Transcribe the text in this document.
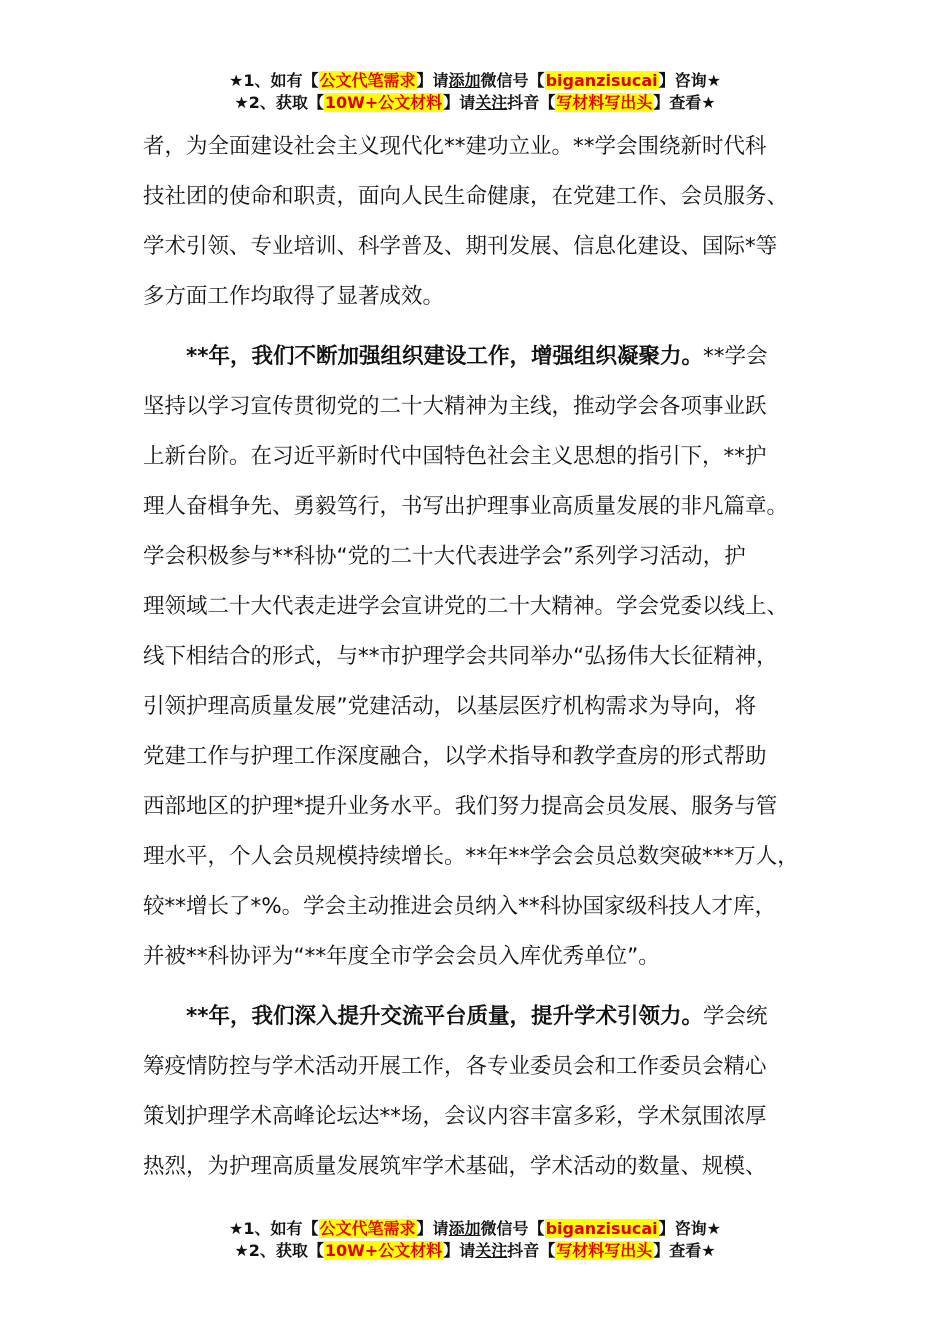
★1、如有【公文代笔需求】请添加微信号【biganzisucai】咨询★
★2、获取【10W+公文材料】请关注抖音【写材料写出头】查看★

者，为全面建设社会主义现代化**建功立业。**学会围绕新时代科
技社团的使命和职责，面向人民生命健康，在党建工作、会员服务、
学术引领、专业培训、科学普及、期刊发展、信息化建设、国际*等
多方面工作均取得了显著成效。

**年，我们不断加强组织建设工作，增强组织凝聚力。**学会
坚持以学习宣传贯彻党的二十大精神为主线，推动学会各项事业跃
上新台阶。在习近平新时代中国特色社会主义思想的指引下，**护
理人奋楫争先、勇毅笃行，书写出护理事业高质量发展的非凡篇章。
学会积极参与**科协“党的二十大代表进学会”系列学习活动，护
理领域二十大代表走进学会宣讲党的二十大精神。学会党委以线上、
线下相结合的形式，与**市护理学会共同举办“弘扬伟大长征精神，
引领护理高质量发展”党建活动，以基层医疗机构需求为导向，将
党建工作与护理工作深度融合，以学术指导和教学查房的形式帮助
西部地区的护理*提升业务水平。我们努力提高会员发展、服务与管
理水平，个人会员规模持续增长。**年**学会会员总数突破***万人，
较**增长了*%。学会主动推进会员纳入**科协国家级科技人才库，
并被**科协评为“**年度全市学会会员入库优秀单位”。

**年，我们深入提升交流平台质量，提升学术引领力。学会统
筹疫情防控与学术活动开展工作，各专业委员会和工作委员会精心
策划护理学术高峰论坛达**场，会议内容丰富多彩，学术氛围浓厚
热烈，为护理高质量发展筑牢学术基础，学术活动的数量、规模、

★1、如有【公文代笔需求】请添加微信号【biganzisucai】咨询★
★2、获取【10W+公文材料】请关注抖音【写材料写出头】查看★
